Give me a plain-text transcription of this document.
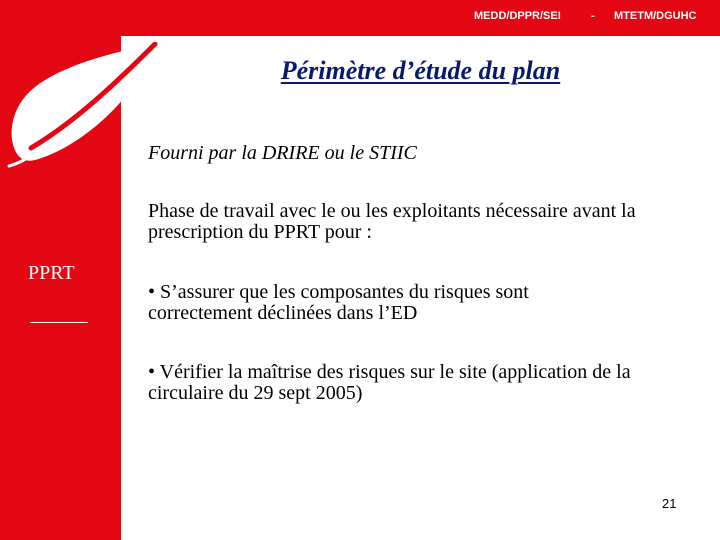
MEDD/DPPR/SEI	- MTETM/DGUHC
PPRT
Périmètre d’étude du plan
Fourni par la DRIRE ou le STIIC
Phase de travail avec le ou les exploitants nécessaire avant la prescription du PPRT pour :
• S’assurer que les composantes du risques sont correctement déclinées dans l’ED
• Vérifier la maîtrise des risques sur le site (application de la circulaire du 29 sept 2005)
21
